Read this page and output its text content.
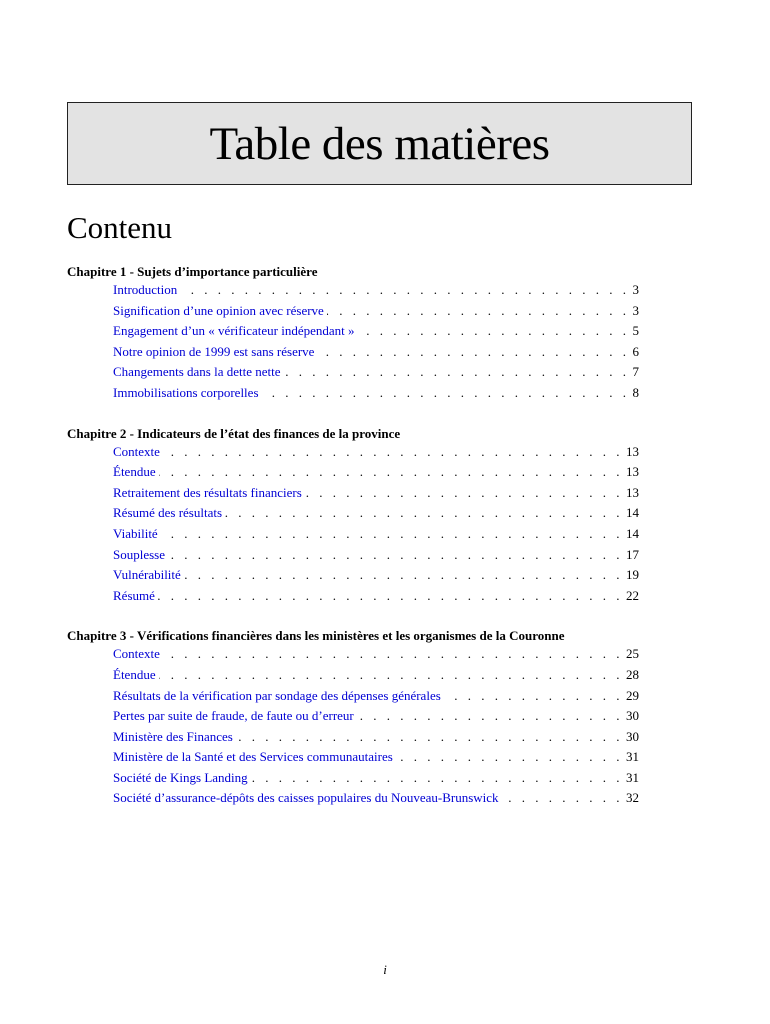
Table des matières
Contenu
Chapitre 1 - Sujets d’importance particulière
Introduction . . .	3
Signification d’une opinion avec réserve . . .	3
Engagement d’un « vérificateur indépendant » . . .	5
Notre opinion de 1999 est sans réserve . . .	6
Changements dans la dette nette . . .	7
Immobilisations corporelles . . .	8
Chapitre 2 - Indicateurs de l’état des finances de la province
Contexte . . .	13
Étendue . . .	13
Retraitement des résultats financiers . . .	13
Résumé des résultats . . .	14
Viabilité . . .	14
Souplesse . . .	17
Vulnérabilité . . .	19
Résumé . . .	22
Chapitre 3 - Vérifications financières dans les ministères et les organismes de la Couronne
Contexte . . .	25
Étendue . . .	28
Résultats de la vérification par sondage des dépenses générales . . .	29
Pertes par suite de fraude, de faute ou d’erreur . . .	30
Ministère des Finances . . .	30
Ministère de la Santé et des Services communautaires . . .	31
Société de Kings Landing . . .	31
Société d’assurance-dépôts des caisses populaires du Nouveau-Brunswick . . .	32
i
